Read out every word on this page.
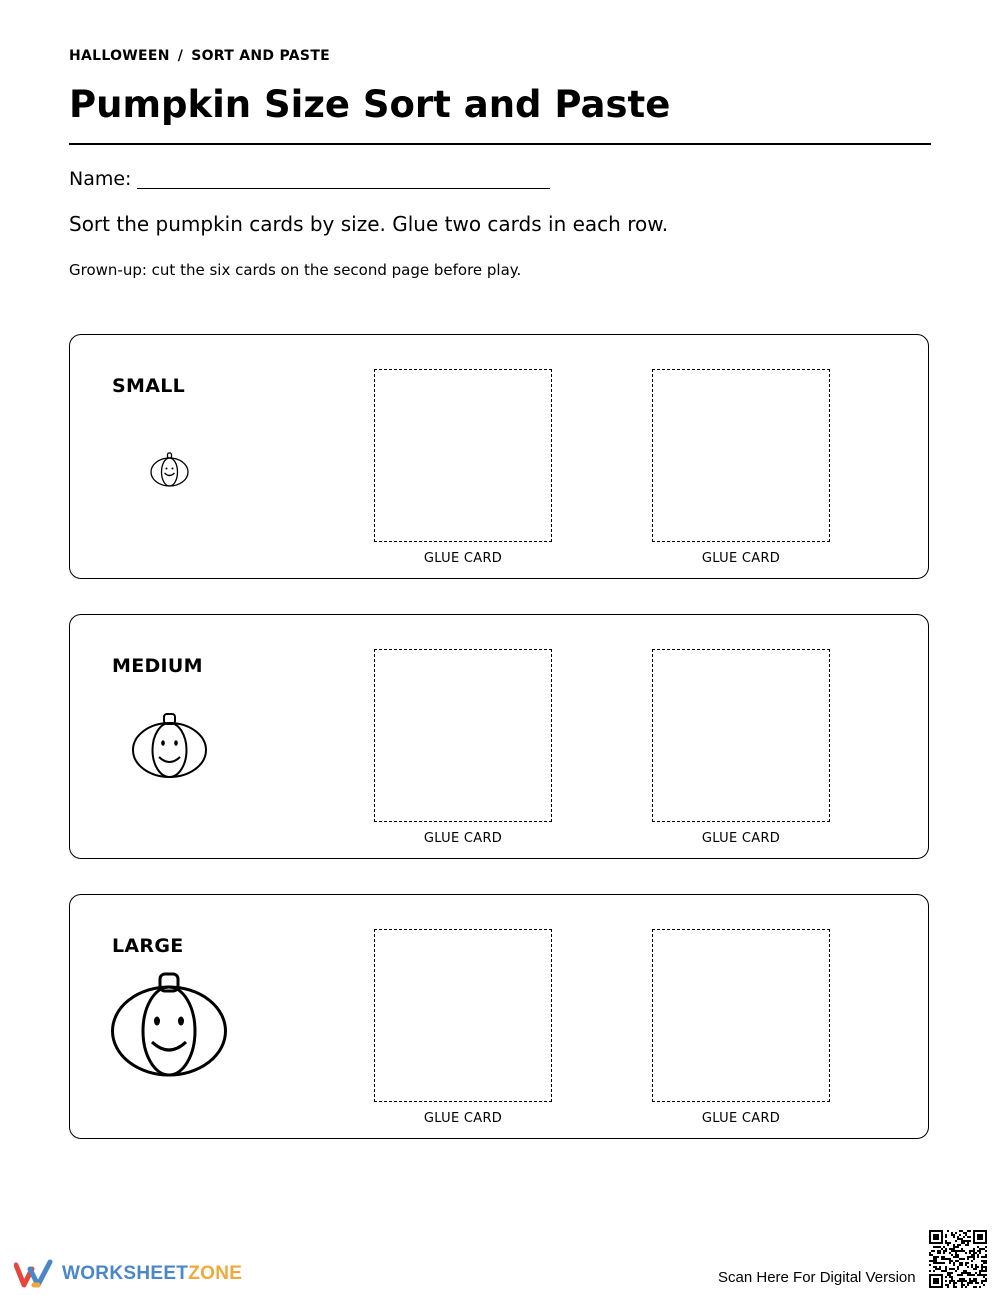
HALLOWEEN / SORT AND PASTE
Pumpkin Size Sort and Paste
Name:
Sort the pumpkin cards by size. Glue two cards in each row.
Grown-up: cut the six cards on the second page before play.
SMALL
GLUE CARD	GLUE CARD
MEDIUM
GLUE CARD	GLUE CARD
LARGE
GLUE CARD	GLUE CARD
WORKSHEETZONE	Scan Here For Digital Version
